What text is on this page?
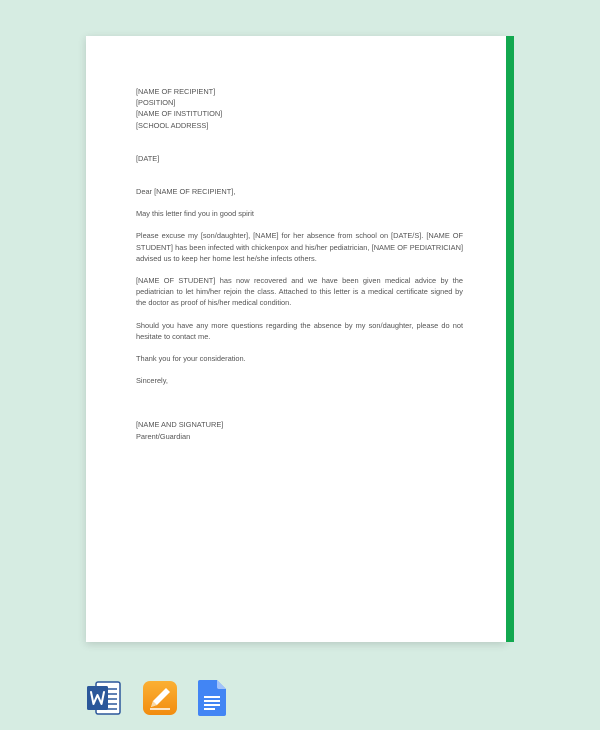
[NAME OF RECIPIENT]

[POSITION]

[NAME OF INSTITUTION]

[SCHOOL ADDRESS]

[DATE]

Dear [NAME OF RECIPIENT],

May this letter find you in good spirit

Please excuse my [son/daughter], [NAME] for her absence from school on [DATE/S]. [NAME OF STUDENT] has been infected with chickenpox and his/her pediatrician, [NAME OF PEDIATRICIAN] advised us to keep her home lest he/she infects others.

[NAME OF STUDENT] has now recovered and we have been given medical advice by the pediatrician to let him/her rejoin the class. Attached to this letter is a medical certificate signed by the doctor as proof of his/her medical condition.

Should you have any more questions regarding the absence by my son/daughter, please do not hesitate to contact me.

Thank you for your consideration.

Sincerely,

[NAME AND SIGNATURE]

Parent/Guardian
